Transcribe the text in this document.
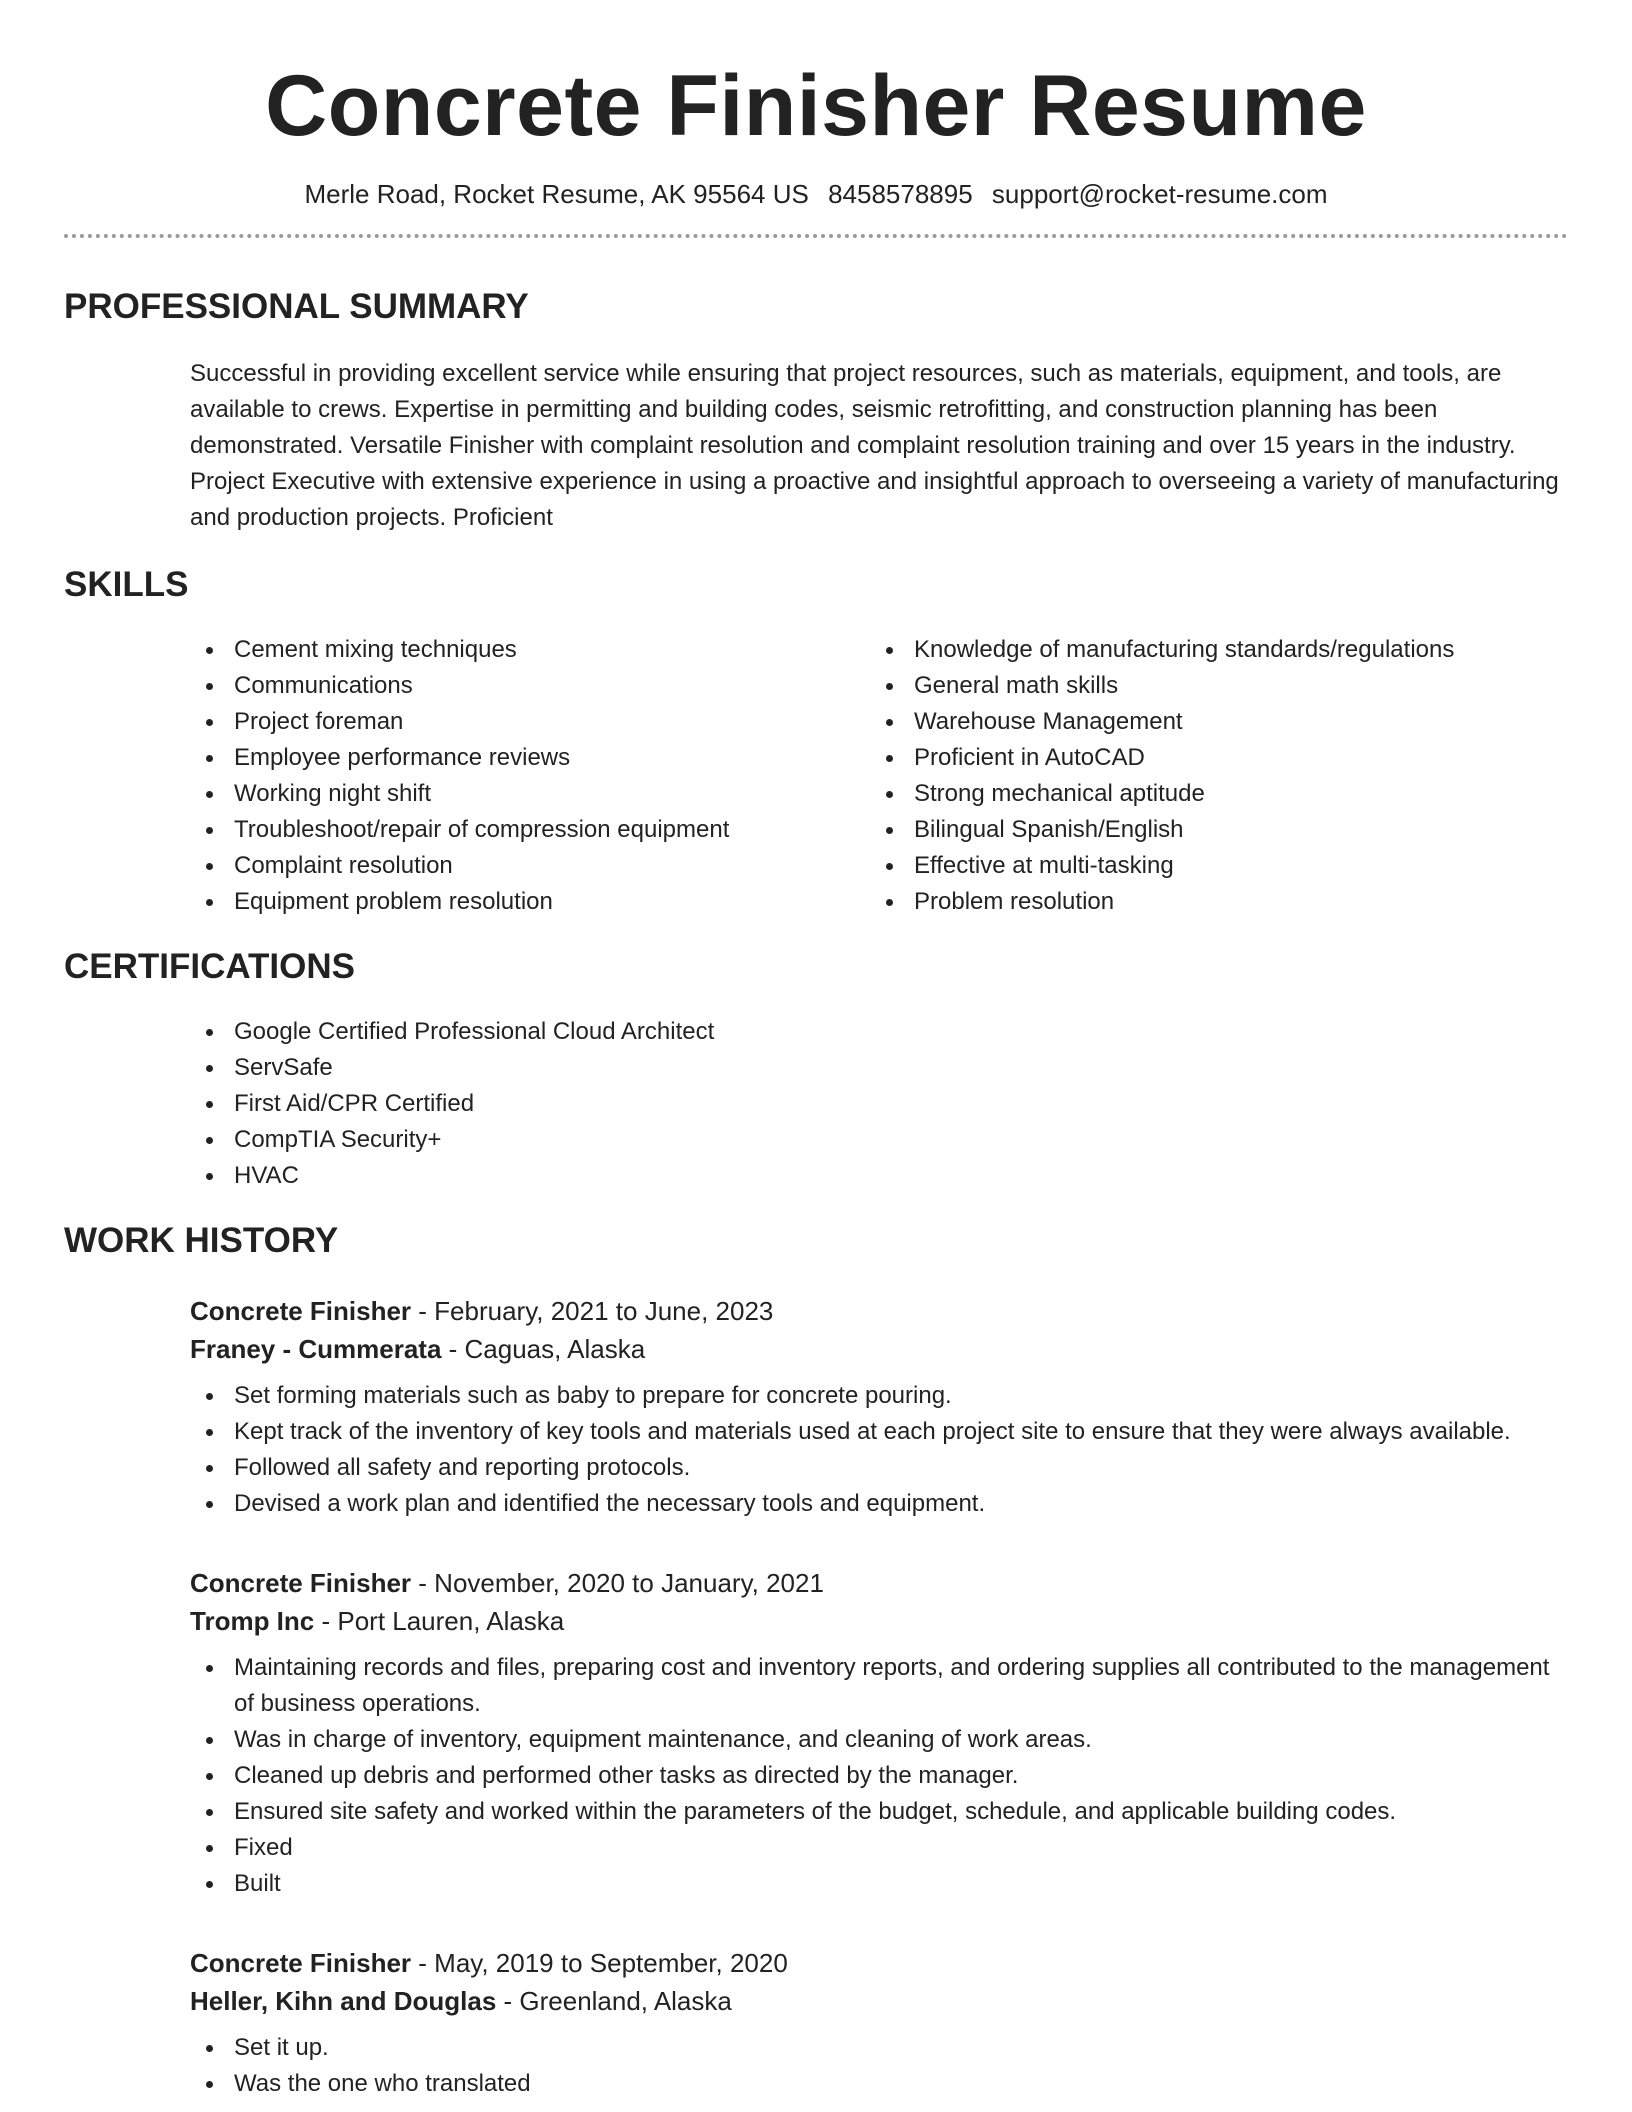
Concrete Finisher Resume
Merle Road, Rocket Resume, AK 95564 US 8458578895 support@rocket-resume.com
PROFESSIONAL SUMMARY

Successful in providing excellent service while ensuring that project resources, such as materials, equipment, and tools, are available to crews. Expertise in permitting and building codes, seismic retrofitting, and construction planning has been demonstrated. Versatile Finisher with complaint resolution and complaint resolution training and over 15 years in the industry. Project Executive with extensive experience in using a proactive and insightful approach to overseeing a variety of manufacturing and production projects. Proficient

SKILLS
Cement mixing techniques
Communications
Project foreman
Employee performance reviews
Working night shift
Troubleshoot/repair of compression equipment
Complaint resolution
Equipment problem resolution
Knowledge of manufacturing standards/regulations
General math skills
Warehouse Management
Proficient in AutoCAD
Strong mechanical aptitude
Bilingual Spanish/English
Effective at multi-tasking
Problem resolution
CERTIFICATIONS
Google Certified Professional Cloud Architect
ServSafe
First Aid/CPR Certified
CompTIA Security+
HVAC
WORK HISTORY
Concrete Finisher - February, 2021 to June, 2023
Franey - Cummerata - Caguas, Alaska
Set forming materials such as baby to prepare for concrete pouring.
Kept track of the inventory of key tools and materials used at each project site to ensure that they were always available.
Followed all safety and reporting protocols.
Devised a work plan and identified the necessary tools and equipment.
Concrete Finisher - November, 2020 to January, 2021
Tromp Inc - Port Lauren, Alaska
Maintaining records and files, preparing cost and inventory reports, and ordering supplies all contributed to the management of business operations.
Was in charge of inventory, equipment maintenance, and cleaning of work areas.
Cleaned up debris and performed other tasks as directed by the manager.
Ensured site safety and worked within the parameters of the budget, schedule, and applicable building codes.
Fixed
Built
Concrete Finisher - May, 2019 to September, 2020
Heller, Kihn and Douglas - Greenland, Alaska
Set it up.
Was the one who translated
